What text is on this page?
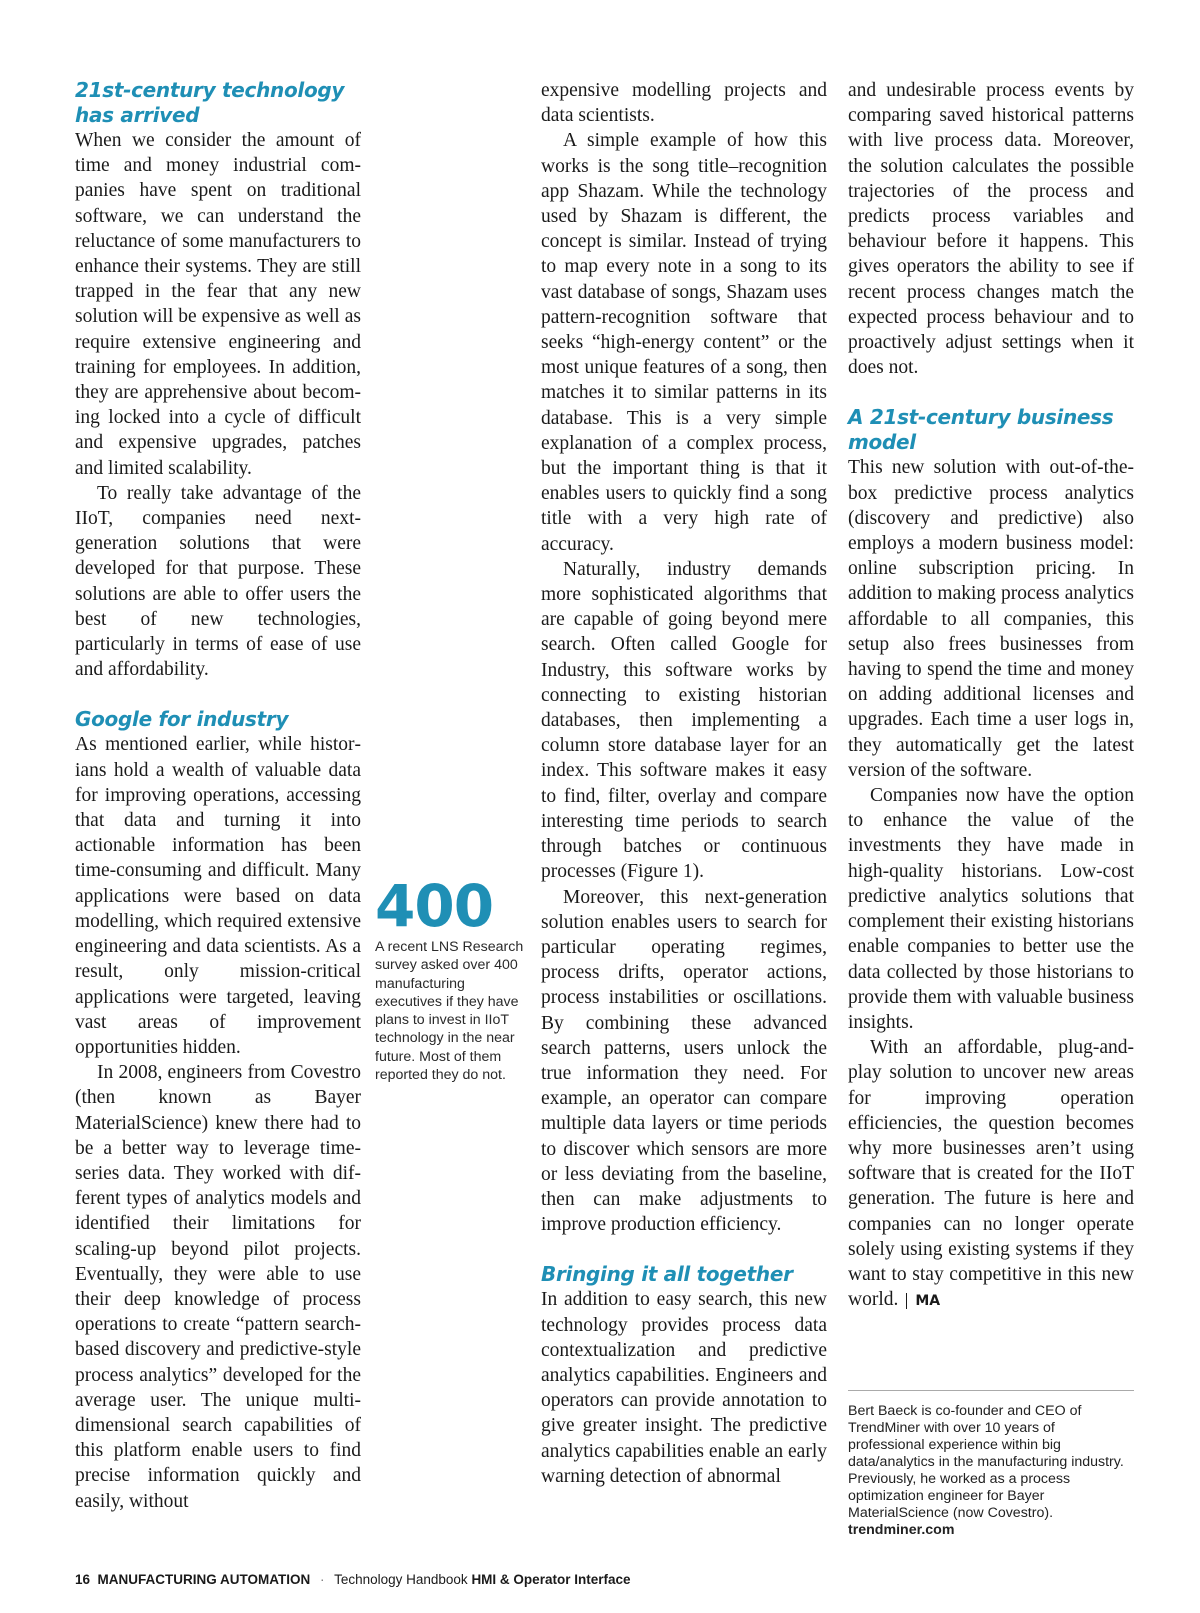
21st-century technology has arrived

When we consider the amount of time and money industrial companies have spent on traditional software, we can understand the reluctance of some manufacturers to enhance their systems. They are still trapped in the fear that any new solution will be expensive as well as require extensive engineering and training for employees. In addition, they are apprehensive about becoming locked into a cycle of difficult and expensive upgrades, patches and limited scalability.

To really take advantage of the IIoT, companies need next-generation solutions that were developed for that purpose. These solutions are able to offer users the best of new technologies, particularly in terms of ease of use and affordability.

Google for industry

As mentioned earlier, while historians hold a wealth of valuable data for improving operations, accessing that data and turning it into actionable information has been time-consuming and difficult. Many applications were based on data modelling, which required extensive engineering and data scientists. As a result, only mission-critical applications were targeted, leaving vast areas of improvement opportunities hidden.

In 2008, engineers from Covestro (then known as Bayer MaterialScience) knew there had to be a better way to leverage time-series data. They worked with different types of analytics models and identified their limitations for scaling-up beyond pilot projects. Eventually, they were able to use their deep knowledge of process operations to create “pattern search-based discovery and predictive-style process analytics” developed for the average user. The unique multi-dimensional search capabilities of this platform enable users to find precise information quickly and easily, without

400
A recent LNS Research survey asked over 400 manufacturing executives if they have plans to invest in IIoT technology in the near future. Most of them reported they do not.

expensive modelling projects and data scientists.

A simple example of how this works is the song title–recognition app Shazam. While the technology used by Shazam is different, the concept is similar. Instead of trying to map every note in a song to its vast database of songs, Shazam uses pattern-recognition software that seeks “high-energy content” or the most unique features of a song, then matches it to similar patterns in its database. This is a very simple explanation of a complex process, but the important thing is that it enables users to quickly find a song title with a very high rate of accuracy.

Naturally, industry demands more sophisticated algorithms that are capable of going beyond mere search. Often called Google for Industry, this software works by connecting to existing historian databases, then implementing a column store database layer for an index. This software makes it easy to find, filter, overlay and compare interesting time periods to search through batches or continuous processes (Figure 1).

Moreover, this next-generation solution enables users to search for particular operating regimes, process drifts, operator actions, process instabilities or oscillations. By combining these advanced search patterns, users unlock the true information they need. For example, an operator can compare multiple data layers or time periods to discover which sensors are more or less deviating from the baseline, then can make adjustments to improve production efficiency.

Bringing it all together

In addition to easy search, this new technology provides process data contextualization and predictive analytics capabilities. Engineers and operators can provide annotation to give greater insight. The predictive analytics capabilities enable an early warning detection of abnormal

and undesirable process events by comparing saved historical patterns with live process data. Moreover, the solution calculates the possible trajectories of the process and predicts process variables and behaviour before it happens. This gives operators the ability to see if recent process changes match the expected process behaviour and to proactively adjust settings when it does not.

A 21st-century business model

This new solution with out-of-the-box predictive process analytics (discovery and predictive) also employs a modern business model: online subscription pricing. In addition to making process analytics affordable to all companies, this setup also frees businesses from having to spend the time and money on adding additional licenses and upgrades. Each time a user logs in, they automatically get the latest version of the software.

Companies now have the option to enhance the value of the investments they have made in high-quality historians. Low-cost predictive analytics solutions that complement their existing historians enable companies to better use the data collected by those historians to provide them with valuable business insights.

With an affordable, plug-and-play solution to uncover new areas for improving operation efficiencies, the question becomes why more businesses aren’t using software that is created for the IIoT generation. The future is here and companies can no longer operate solely using existing systems if they want to stay competitive in this new world. MA

Bert Baeck is co-founder and CEO of TrendMiner with over 10 years of professional experience within big data/analytics in the manufacturing industry. Previously, he worked as a process optimization engineer for Bayer MaterialScience (now Covestro).
trendminer.com
16 MANUFACTURING AUTOMATION · Technology Handbook HMI & Operator Interface
